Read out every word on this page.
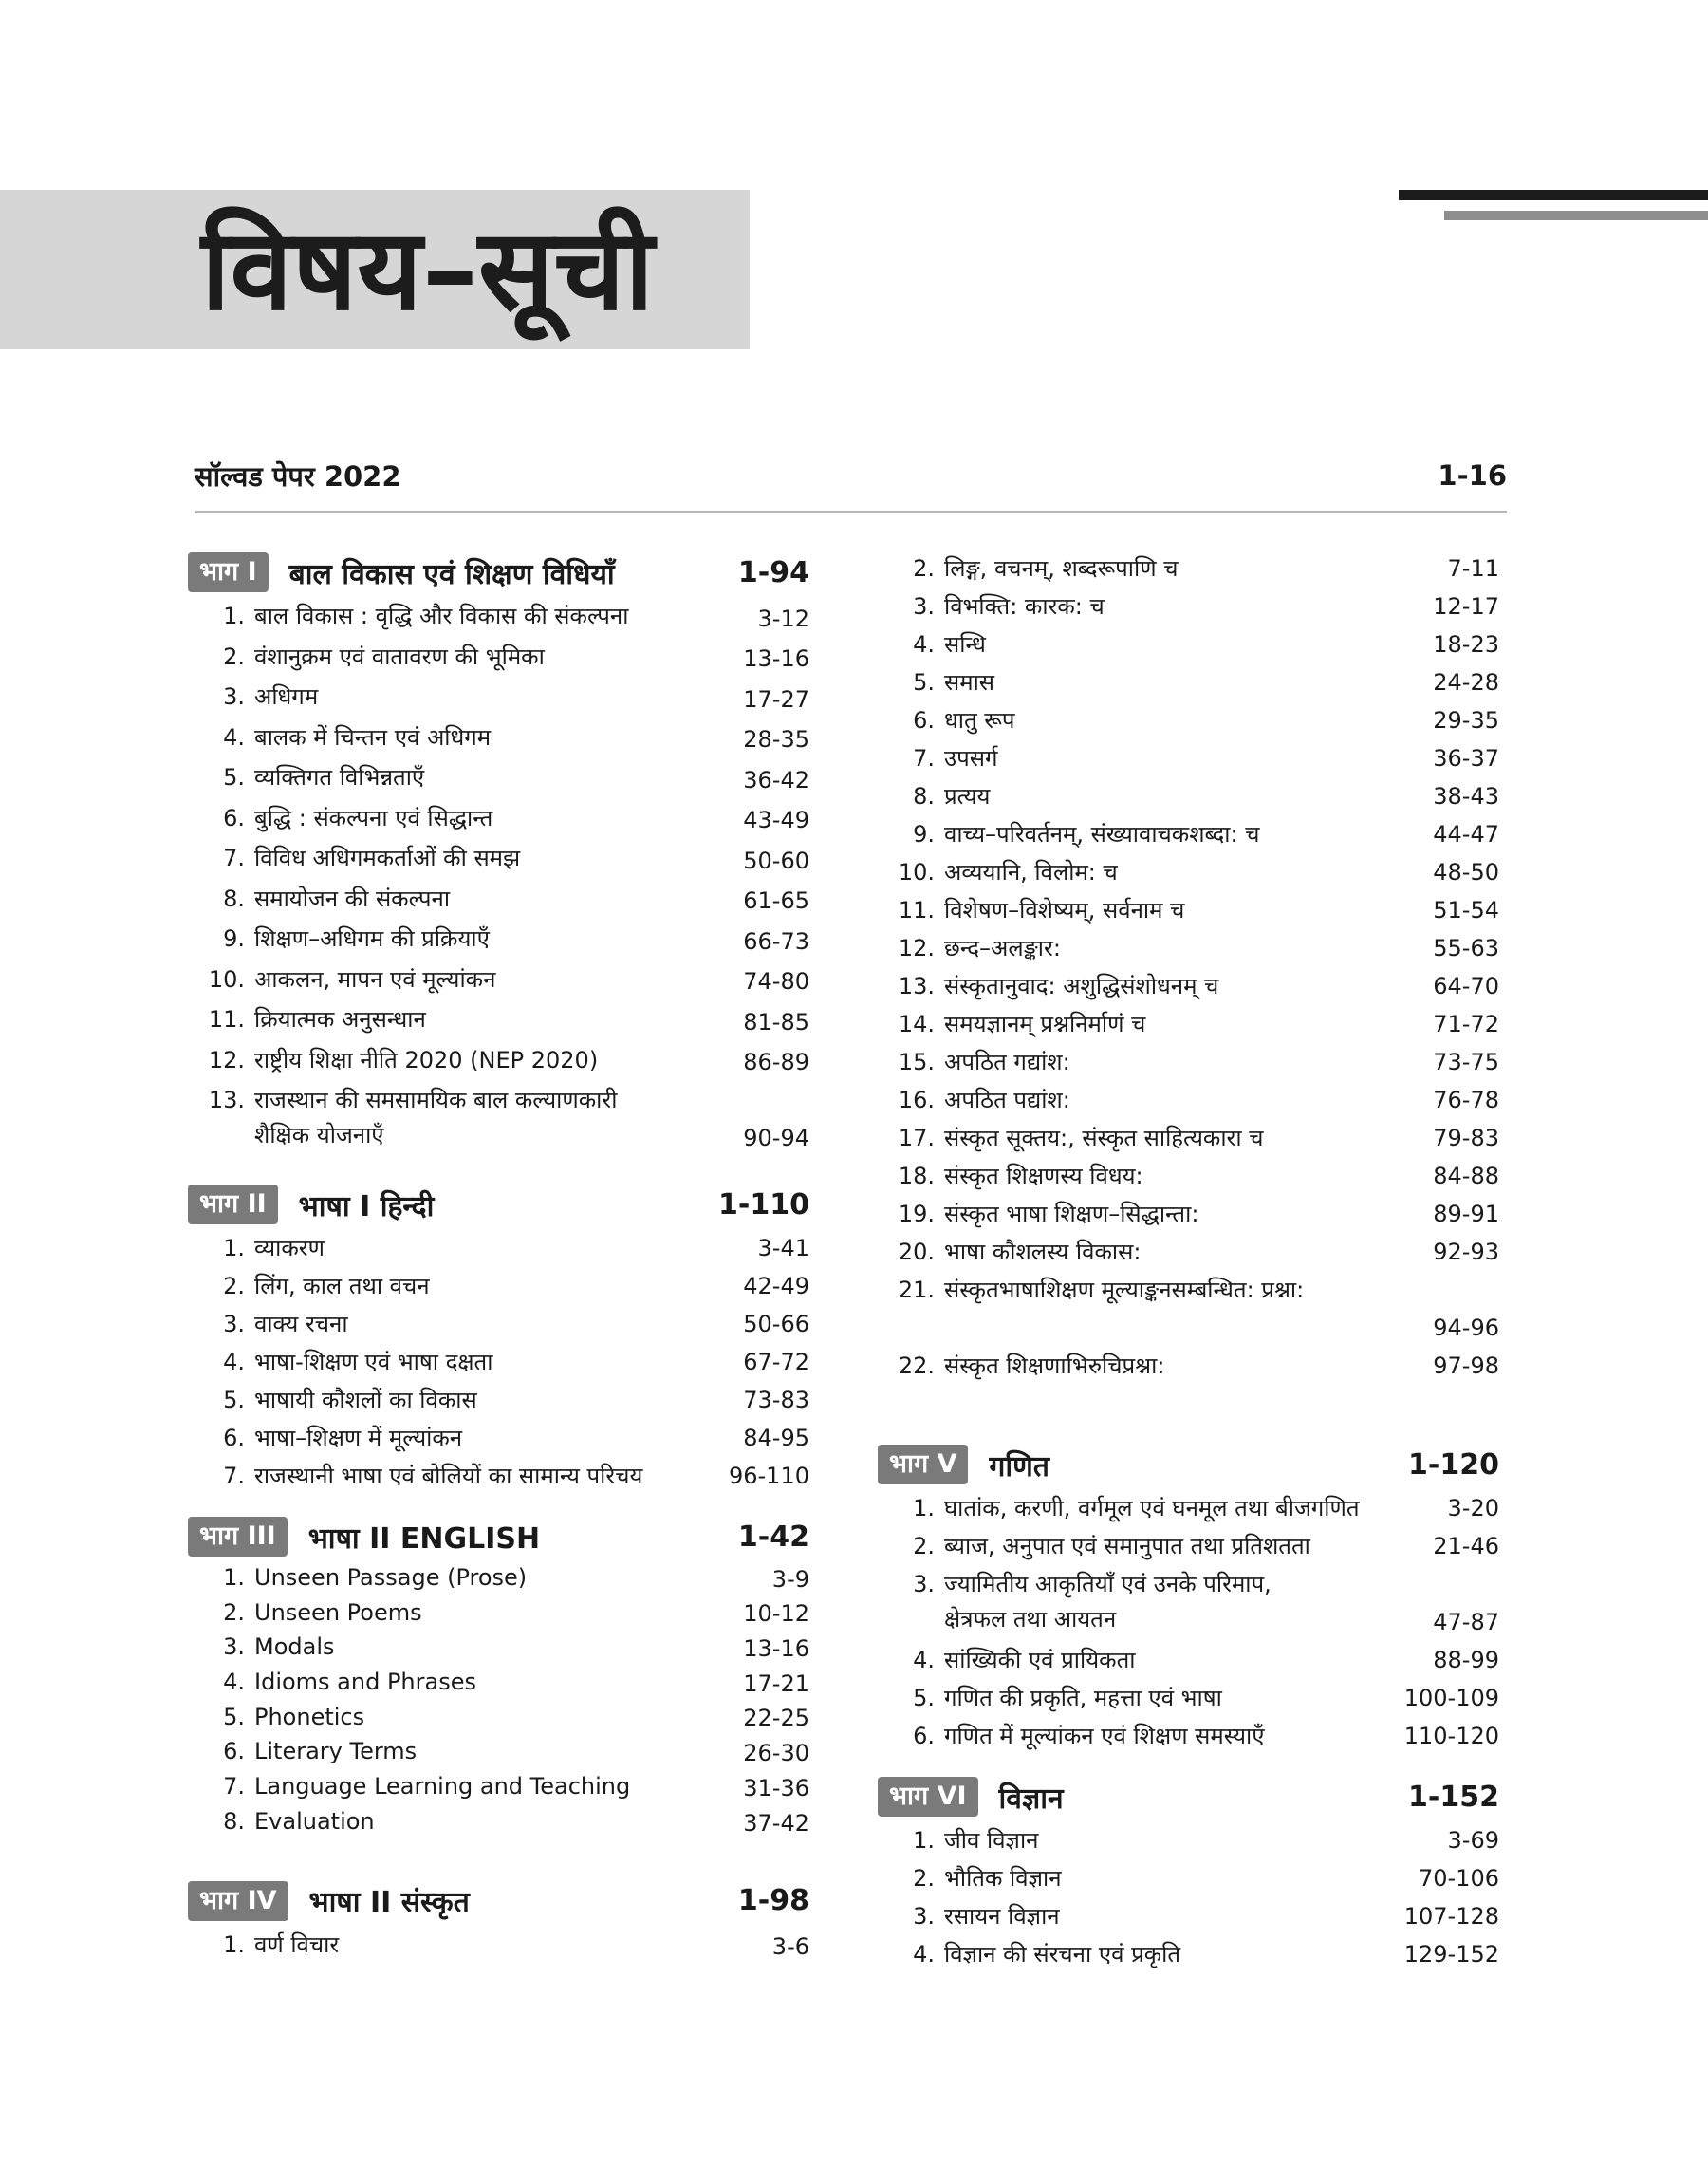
विषय–सूची
सॉल्वड पेपर 2022	1-16
भाग I	बाल विकास एवं शिक्षण विधियाँ	1-94
1. बाल विकास : वृद्धि और विकास की संकल्पना	3-12
2. वंशानुक्रम एवं वातावरण की भूमिका	13-16
3. अधिगम	17-27
4. बालक में चिन्तन एवं अधिगम	28-35
5. व्यक्तिगत विभिन्नताएँ	36-42
6. बुद्धि : संकल्पना एवं सिद्धान्त	43-49
7. विविध अधिगमकर्ताओं की समझ	50-60
8. समायोजन की संकल्पना	61-65
9. शिक्षण–अधिगम की प्रक्रियाएँ	66-73
10. आकलन, मापन एवं मूल्यांकन	74-80
11. क्रियात्मक अनुसन्धान	81-85
12. राष्ट्रीय शिक्षा नीति 2020 (NEP 2020)	86-89
13. राजस्थान की समसामयिक बाल कल्याणकारी
शैक्षिक योजनाएँ	90-94
भाग II	भाषा I हिन्दी	1-110
1. व्याकरण	3-41
2. लिंग, काल तथा वचन	42-49
3. वाक्य रचना	50-66
4. भाषा-शिक्षण एवं भाषा दक्षता	67-72
5. भाषायी कौशलों का विकास	73-83
6. भाषा–शिक्षण में मूल्यांकन	84-95
7. राजस्थानी भाषा एवं बोलियों का सामान्य परिचय	96-110
भाग III	भाषा II ENGLISH	1-42
1. Unseen Passage (Prose)	3-9
2. Unseen Poems	10-12
3. Modals	13-16
4. Idioms and Phrases	17-21
5. Phonetics	22-25
6. Literary Terms	26-30
7. Language Learning and Teaching	31-36
8. Evaluation	37-42
भाग IV	भाषा II संस्कृत	1-98
1. वर्ण विचार	3-6
2. लिङ्ग, वचनम्, शब्दरूपाणि च	7-11
3. विभक्ति: कारक: च	12-17
4. सन्धि	18-23
5. समास	24-28
6. धातु रूप	29-35
7. उपसर्ग	36-37
8. प्रत्यय	38-43
9. वाच्य–परिवर्तनम्, संख्यावाचकशब्दा: च	44-47
10. अव्ययानि, विलोम: च	48-50
11. विशेषण–विशेष्यम्, सर्वनाम च	51-54
12. छन्द–अलङ्कार:	55-63
13. संस्कृतानुवाद: अशुद्धिसंशोधनम् च	64-70
14. समयज्ञानम् प्रश्ननिर्माणं च	71-72
15. अपठित गद्यांश:	73-75
16. अपठित पद्यांश:	76-78
17. संस्कृत सूक्तय:, संस्कृत साहित्यकारा च	79-83
18. संस्कृत शिक्षणस्य विधय:	84-88
19. संस्कृत भाषा शिक्षण–सिद्धान्ता:	89-91
20. भाषा कौशलस्य विकास:	92-93
21. संस्कृतभाषाशिक्षण मूल्याङ्कनसम्बन्धित: प्रश्ना:
94-96
22. संस्कृत शिक्षणाभिरुचिप्रश्ना:	97-98
भाग V	गणित	1-120
1. घातांक, करणी, वर्गमूल एवं घनमूल तथा बीजगणित	3-20
2. ब्याज, अनुपात एवं समानुपात तथा प्रतिशतता	21-46
3. ज्यामितीय आकृतियाँ एवं उनके परिमाप,
क्षेत्रफल तथा आयतन	47-87
4. सांख्यिकी एवं प्रायिकता	88-99
5. गणित की प्रकृति, महत्ता एवं भाषा	100-109
6. गणित में मूल्यांकन एवं शिक्षण समस्याएँ	110-120
भाग VI	विज्ञान	1-152
1. जीव विज्ञान	3-69
2. भौतिक विज्ञान	70-106
3. रसायन विज्ञान	107-128
4. विज्ञान की संरचना एवं प्रकृति	129-152
